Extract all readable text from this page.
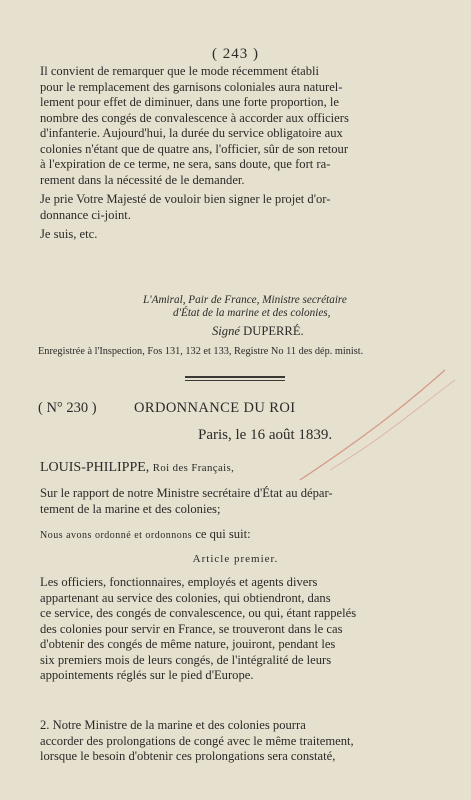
( 243 )
Il convient de remarquer que le mode récemment établi
pour le remplacement des garnisons coloniales aura naturel-
lement pour effet de diminuer, dans une forte proportion, le
nombre des congés de convalescence à accorder aux officiers
d'infanterie. Aujourd'hui, la durée du service obligatoire aux
colonies n'étant que de quatre ans, l'officier, sûr de son retour
à l'expiration de ce terme, ne sera, sans doute, que fort ra-
rement dans la nécessité de le demander.
Je prie Votre Majesté de vouloir bien signer le projet d'or-
donnance ci-joint.
Je suis, etc.
L'Amiral, Pair de France, Ministre secrétaire
d'État de la marine et des colonies,
Signé DUPERRÉ.
Enregistrée à l'Inspection, Fos 131, 132 et 133, Registre No 11 des dép. minist.
( N° 230 )	ORDONNANCE DU ROI
Paris, le 16 août 1839.
LOUIS-PHILIPPE, Roi des Français,
Sur le rapport de notre Ministre secrétaire d'État au dépar-
tement de la marine et des colonies;
Nous avons ordonné et ordonnons ce qui suit:
Article premier.
Les officiers, fonctionnaires, employés et agents divers
appartenant au service des colonies, qui obtiendront, dans
ce service, des congés de convalescence, ou qui, étant rappelés
des colonies pour servir en France, se trouveront dans le cas
d'obtenir des congés de même nature, jouiront, pendant les
six premiers mois de leurs congés, de l'intégralité de leurs
appointements réglés sur le pied d'Europe.
2. Notre Ministre de la marine et des colonies pourra
accorder des prolongations de congé avec le même traitement,
lorsque le besoin d'obtenir ces prolongations sera constaté,
